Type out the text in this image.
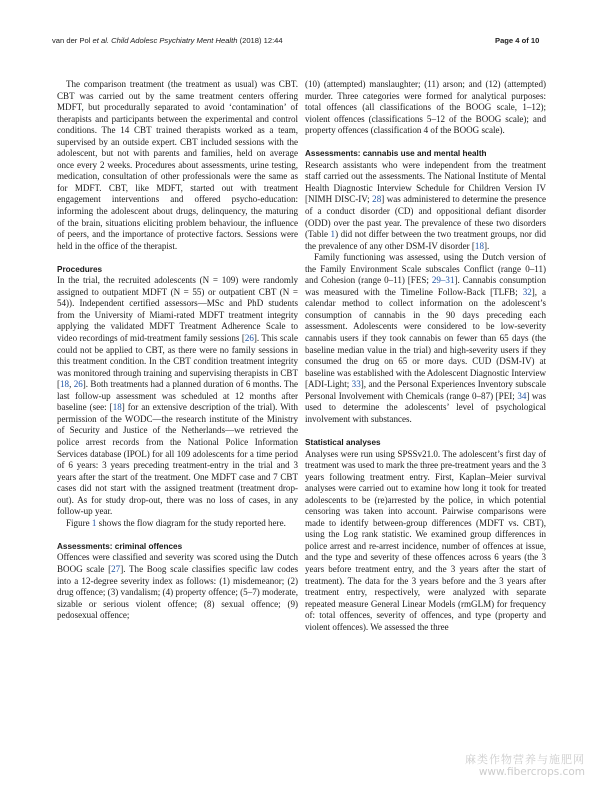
van der Pol et al. Child Adolesc Psychiatry Ment Health (2018) 12:44	Page 4 of 10

The comparison treatment (the treatment as usual) was CBT. CBT was carried out by the same treatment centers offering MDFT, but procedurally separated to avoid ‘contamination’ of therapists and participants between the experimental and control conditions. The 14 CBT trained therapists worked as a team, supervised by an outside expert. CBT included sessions with the adolescent, but not with parents and families, held on average once every 2 weeks. Procedures about assessments, urine testing, medication, consultation of other professionals were the same as for MDFT. CBT, like MDFT, started out with treatment engagement interventions and offered psycho-education: informing the adolescent about drugs, delinquency, the maturing of the brain, situations eliciting problem behaviour, the influence of peers, and the importance of protective factors. Sessions were held in the office of the therapist.

Procedures

In the trial, the recruited adolescents (N = 109) were randomly assigned to outpatient MDFT (N = 55) or outpatient CBT (N = 54)). Independent certified assessors—MSc and PhD students from the University of Miami-rated MDFT treatment integrity applying the validated MDFT Treatment Adherence Scale to video recordings of mid-treatment family sessions [26]. This scale could not be applied to CBT, as there were no family sessions in this treatment condition. In the CBT condition treatment integrity was monitored through training and supervising therapists in CBT [18, 26]. Both treatments had a planned duration of 6 months. The last follow-up assessment was scheduled at 12 months after baseline (see: [18] for an extensive description of the trial). With permission of the WODC—the research institute of the Ministry of Security and Justice of the Netherlands—we retrieved the police arrest records from the National Police Information Services database (IPOL) for all 109 adolescents for a time period of 6 years: 3 years preceding treatment-entry in the trial and 3 years after the start of the treatment. One MDFT case and 7 CBT cases did not start with the assigned treatment (treatment drop-out). As for study drop-out, there was no loss of cases, in any follow-up year.

Figure 1 shows the flow diagram for the study reported here.

Assessments: criminal offences

Offences were classified and severity was scored using the Dutch BOOG scale [27]. The Boog scale classifies specific law codes into a 12-degree severity index as follows: (1) misdemeanor; (2) drug offence; (3) vandalism; (4) property offence; (5–7) moderate, sizable or serious violent offence; (8) sexual offence; (9) pedosexual offence;

(10) (attempted) manslaughter; (11) arson; and (12) (attempted) murder. Three categories were formed for analytical purposes: total offences (all classifications of the BOOG scale, 1–12); violent offences (classifications 5–12 of the BOOG scale); and property offences (classification 4 of the BOOG scale).

Assessments: cannabis use and mental health

Research assistants who were independent from the treatment staff carried out the assessments. The National Institute of Mental Health Diagnostic Interview Schedule for Children Version IV [NIMH DISC-IV; 28] was administered to determine the presence of a conduct disorder (CD) and oppositional defiant disorder (ODD) over the past year. The prevalence of these two disorders (Table 1) did not differ between the two treatment groups, nor did the prevalence of any other DSM-IV disorder [18].

Family functioning was assessed, using the Dutch version of the Family Environment Scale subscales Conflict (range 0–11) and Cohesion (range 0–11) [FES; 29–31]. Cannabis consumption was measured with the Timeline Follow-Back [TLFB; 32], a calendar method to collect information on the adolescent’s consumption of cannabis in the 90 days preceding each assessment. Adolescents were considered to be low-severity cannabis users if they took cannabis on fewer than 65 days (the baseline median value in the trial) and high-severity users if they consumed the drug on 65 or more days. CUD (DSM-IV) at baseline was established with the Adolescent Diagnostic Interview [ADI-Light; 33], and the Personal Experiences Inventory subscale Personal Involvement with Chemicals (range 0–87) [PEI; 34] was used to determine the adolescents’ level of psychological involvement with substances.

Statistical analyses

Analyses were run using SPSSv21.0. The adolescent’s first day of treatment was used to mark the three pre-treatment years and the 3 years following treatment entry. First, Kaplan–Meier survival analyses were carried out to examine how long it took for treated adolescents to be (re)arrested by the police, in which potential censoring was taken into account. Pairwise comparisons were made to identify between-group differences (MDFT vs. CBT), using the Log rank statistic. We examined group differences in police arrest and re-arrest incidence, number of offences at issue, and the type and severity of these offences across 6 years (the 3 years before treatment entry, and the 3 years after the start of treatment). The data for the 3 years before and the 3 years after treatment entry, respectively, were analyzed with separate repeated measure General Linear Models (rmGLM) for frequency of: total offences, severity of offences, and type (property and violent offences). We assessed the three

麻类作物营养与施肥网
www.fibercrops.com
